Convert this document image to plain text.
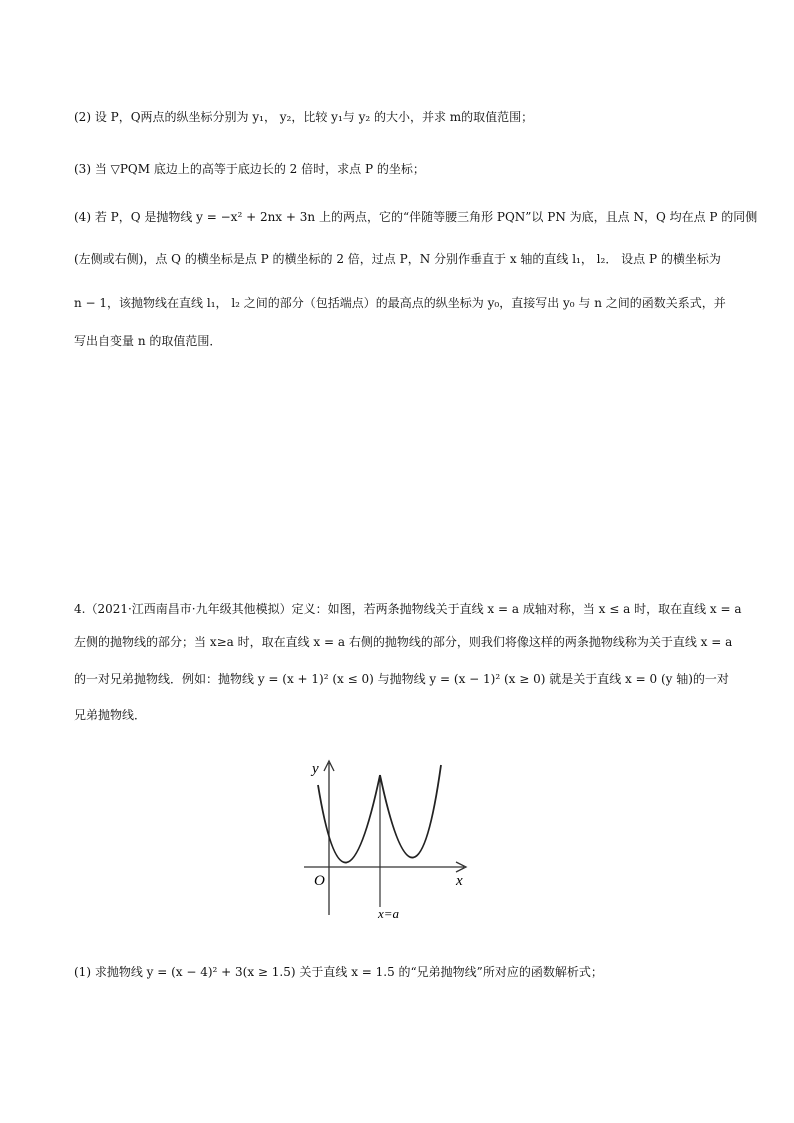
(2) 设 P，Q两点的纵坐标分别为 y₁， y₂，比较 y₁与 y₂ 的大小，并求 m的取值范围；
(3) 当 ▽PQM 底边上的高等于底边长的 2 倍时，求点 P 的坐标；
(4) 若 P，Q 是抛物线 y = −x² + 2nx + 3n 上的两点，它的“伴随等腰三角形 PQN”以 PN 为底，且点 N，Q 均在点 P 的同侧
(左侧或右侧)，点 Q 的横坐标是点 P 的横坐标的 2 倍，过点 P，N 分别作垂直于 x 轴的直线 l₁， l₂． 设点 P 的横坐标为
n − 1，该抛物线在直线 l₁， l₂ 之间的部分（包括端点）的最高点的纵坐标为 y₀，直接写出 y₀ 与 n 之间的函数关系式，并
写出自变量 n 的取值范围．
4.（2021·江西南昌市·九年级其他模拟）定义：如图，若两条抛物线关于直线 x = a 成轴对称，当 x ≤ a 时，取在直线 x = a
左侧的抛物线的部分；当 x≥a 时，取在直线 x = a 右侧的抛物线的部分，则我们将像这样的两条抛物线称为关于直线 x = a
的一对兄弟抛物线．例如：抛物线 y = (x + 1)² (x ≤ 0) 与抛物线 y = (x − 1)² (x ≥ 0) 就是关于直线 x = 0 (y 轴)的一对
兄弟抛物线．
y
x
O
x=a
(1) 求抛物线 y = (x − 4)² + 3(x ≥ 1.5) 关于直线 x = 1.5 的“兄弟抛物线”所对应的函数解析式；
